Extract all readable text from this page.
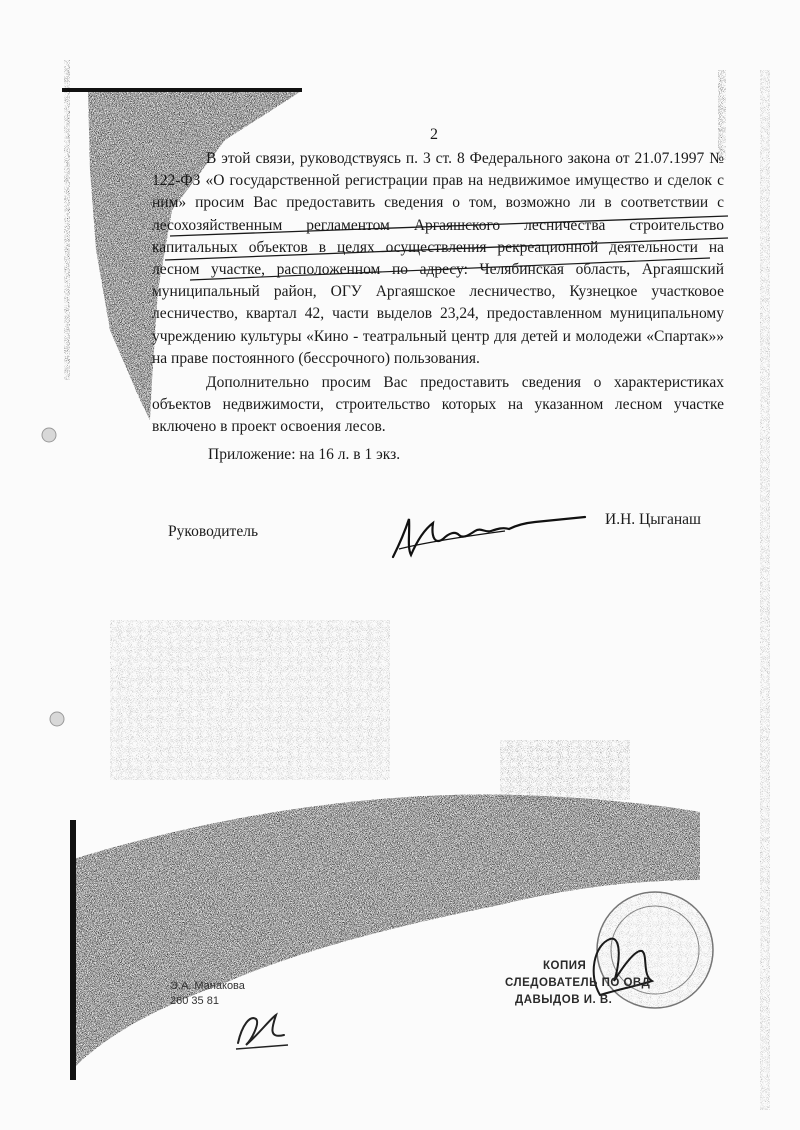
2
В этой связи, руководствуясь п. 3 ст. 8 Федерального закона от 21.07.1997 № 122-ФЗ «О государственной регистрации прав на недвижимое имущество и сделок с ним» просим Вас предоставить сведения о том, возможно ли в соответствии с лесохозяйственным регламентом Аргаяшского лесничества строительство капитальных объектов в целях осуществления рекреационной деятельности на лесном участке, расположенном по адресу: Челябинская область, Аргаяшский муниципальный район, ОГУ Аргаяшское лесничество, Кузнецкое участковое лесничество, квартал 42, части выделов 23,24, предоставленном муниципальному учреждению культуры «Кино - театральный центр для детей и молодежи «Спартак»» на праве постоянного (бессрочного) пользования.
Дополнительно просим Вас предоставить сведения о характеристиках объектов недвижимости, строительство которых на указанном лесном участке включено в проект освоения лесов.
Приложение: на 16 л. в 1 экз.
Руководитель
И.Н. Цыганаш
Э.А. Манакова
260 35 81
КОПИЯ
СЛЕДОВАТЕЛЬ ПО ОВД
ДАВЫДОВ И. В.
